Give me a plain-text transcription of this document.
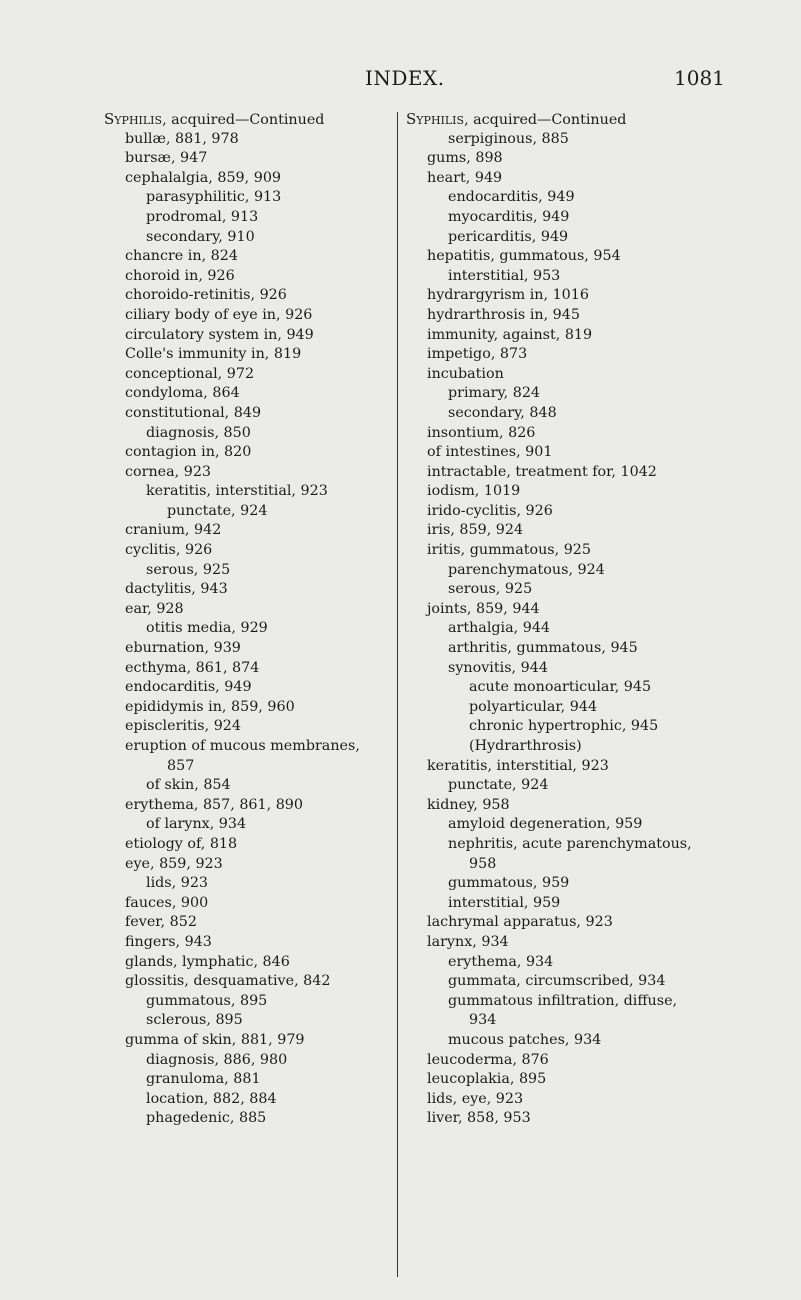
INDEX.	1081
Syphilis, acquired—Continued
bullæ, 881, 978
bursæ, 947
cephalalgia, 859, 909
parasyphilitic, 913
prodromal, 913
secondary, 910
chancre in, 824
choroid in, 926
choroido-retinitis, 926
ciliary body of eye in, 926
circulatory system in, 949
Colle's immunity in, 819
conceptional, 972
condyloma, 864
constitutional, 849
diagnosis, 850
contagion in, 820
cornea, 923
keratitis, interstitial, 923
punctate, 924
cranium, 942
cyclitis, 926
serous, 925
dactylitis, 943
ear, 928
otitis media, 929
eburnation, 939
ecthyma, 861, 874
endocarditis, 949
epididymis in, 859, 960
episcleritis, 924
eruption of mucous membranes,
857
of skin, 854
erythema, 857, 861, 890
of larynx, 934
etiology of, 818
eye, 859, 923
lids, 923
fauces, 900
fever, 852
fingers, 943
glands, lymphatic, 846
glossitis, desquamative, 842
gummatous, 895
sclerous, 895
gumma of skin, 881, 979
diagnosis, 886, 980
granuloma, 881
location, 882, 884
phagedenic, 885
Syphilis, acquired—Continued
serpiginous, 885
gums, 898
heart, 949
endocarditis, 949
myocarditis, 949
pericarditis, 949
hepatitis, gummatous, 954
interstitial, 953
hydrargyrism in, 1016
hydrarthrosis in, 945
immunity, against, 819
impetigo, 873
incubation
primary, 824
secondary, 848
insontium, 826
of intestines, 901
intractable, treatment for, 1042
iodism, 1019
irido-cyclitis, 926
iris, 859, 924
iritis, gummatous, 925
parenchymatous, 924
serous, 925
joints, 859, 944
arthalgia, 944
arthritis, gummatous, 945
synovitis, 944
acute monoarticular, 945
polyarticular, 944
chronic hypertrophic, 945
(Hydrarthrosis)
keratitis, interstitial, 923
punctate, 924
kidney, 958
amyloid degeneration, 959
nephritis, acute parenchymatous,
958
gummatous, 959
interstitial, 959
lachrymal apparatus, 923
larynx, 934
erythema, 934
gummata, circumscribed, 934
gummatous infiltration, diffuse,
934
mucous patches, 934
leucoderma, 876
leucoplakia, 895
lids, eye, 923
liver, 858, 953
